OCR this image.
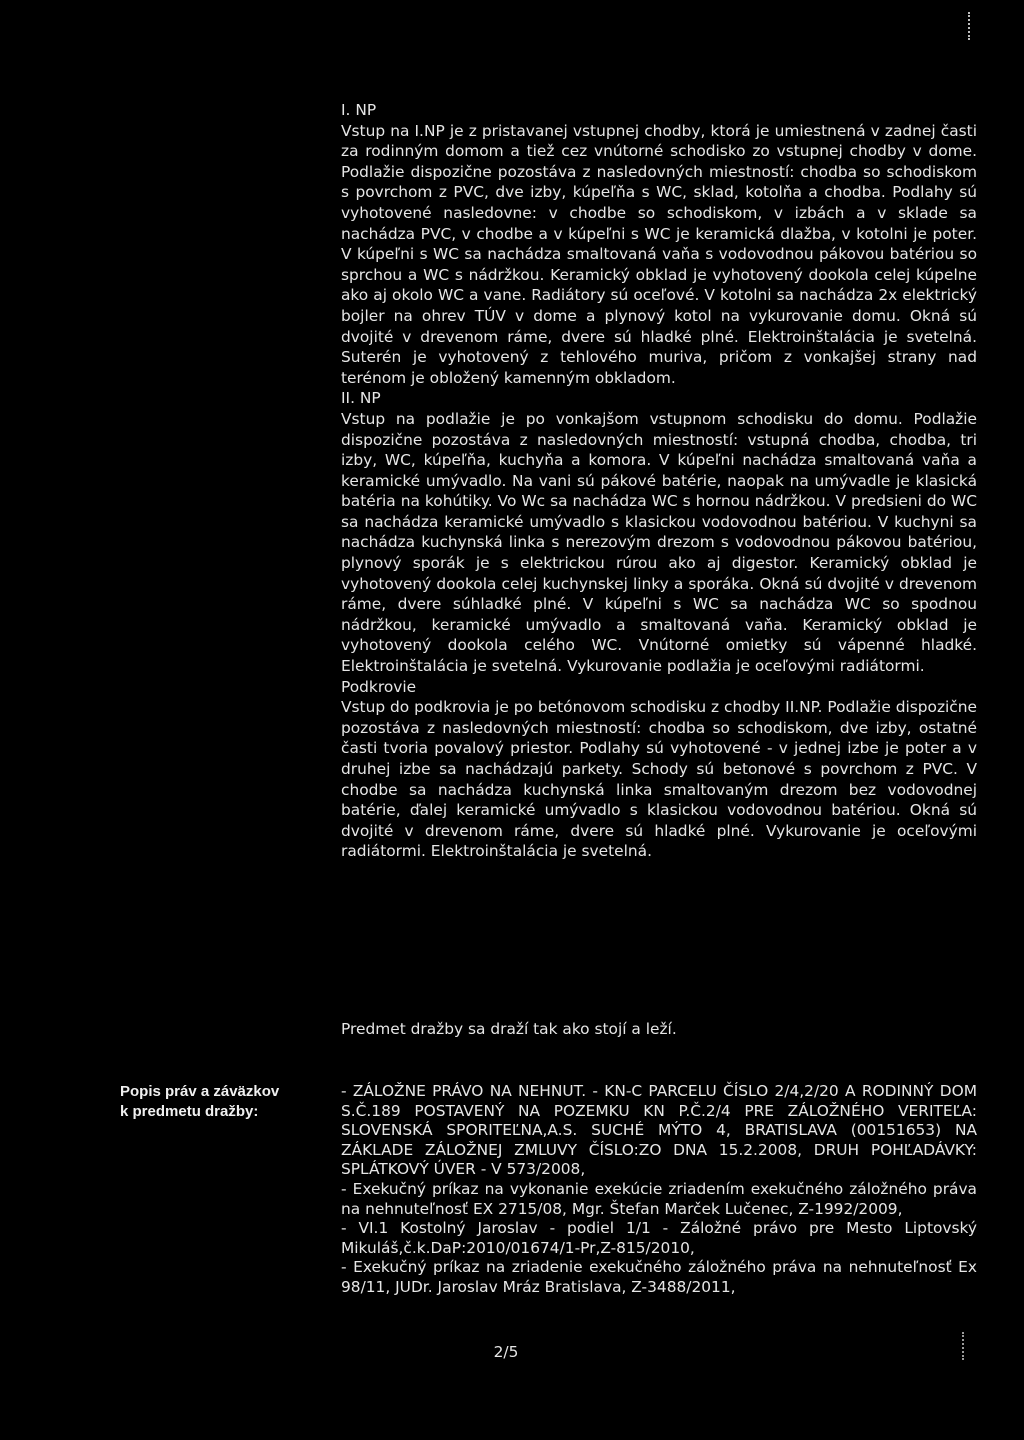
I. NP

Vstup na I.NP je z pristavanej vstupnej chodby, ktorá je umiestnená v zadnej časti za rodinným domom a tiež cez vnútorné schodisko zo vstupnej chodby v dome. Podlažie dispozične pozostáva z nasledovných miestností: chodba so schodiskom s povrchom z PVC, dve izby, kúpeľňa s WC, sklad, kotolňa a chodba. Podlahy sú vyhotovené nasledovne: v chodbe so schodiskom, v izbách a v sklade sa nachádza PVC, v chodbe a v kúpeľni s WC je keramická dlažba, v kotolni je poter. V kúpeľni s WC sa nachádza smaltovaná vaňa s vodovodnou pákovou batériou so sprchou a WC s nádržkou. Keramický obklad je vyhotovený dookola celej kúpelne ako aj okolo WC a vane. Radiátory sú oceľové. V kotolni sa nachádza 2x elektrický bojler na ohrev TÚV v dome a plynový kotol na vykurovanie domu. Okná sú dvojité v drevenom ráme, dvere sú hladké plné. Elektroinštalácia je svetelná. Suterén je vyhotovený z tehlového muriva, pričom z vonkajšej strany nad terénom je obložený kamenným obkladom.

II. NP

Vstup na podlažie je po vonkajšom vstupnom schodisku do domu. Podlažie dispozične pozostáva z nasledovných miestností: vstupná chodba, chodba, tri izby, WC, kúpeľňa, kuchyňa a komora. V kúpeľni nachádza smaltovaná vaňa a keramické umývadlo. Na vani sú pákové batérie, naopak na umývadle je klasická batéria na kohútiky. Vo Wc sa nachádza WC s hornou nádržkou. V predsieni do WC sa nachádza keramické umývadlo s klasickou vodovodnou batériou. V kuchyni sa nachádza kuchynská linka s nerezovým drezom s vodovodnou pákovou batériou, plynový sporák je s elektrickou rúrou ako aj digestor. Keramický obklad je vyhotovený dookola celej kuchynskej linky a sporáka. Okná sú dvojité v drevenom ráme, dvere súhladké plné. V kúpeľni s WC sa nachádza WC so spodnou nádržkou, keramické umývadlo a smaltovaná vaňa. Keramický obklad je vyhotovený dookola celého WC. Vnútorné omietky sú vápenné hladké. Elektroinštalácia je svetelná. Vykurovanie podlažia je oceľovými radiátormi.

Podkrovie

Vstup do podkrovia je po betónovom schodisku z chodby II.NP. Podlažie dispozične pozostáva z nasledovných miestností: chodba so schodiskom, dve izby, ostatné časti tvoria povalový priestor. Podlahy sú vyhotovené - v jednej izbe je poter a v druhej izbe sa nachádzajú parkety. Schody sú betonové s povrchom z PVC. V chodbe sa nachádza kuchynská linka smaltovaným drezom bez vodovodnej batérie, ďalej keramické umývadlo s klasickou vodovodnou batériou. Okná sú dvojité v drevenom ráme, dvere sú hladké plné. Vykurovanie je oceľovými radiátormi. Elektroinštalácia je svetelná.

Predmet dražby sa draží tak ako stojí a leží.
Popis práv a záväzkov
k predmetu dražby:

- ZÁLOŽNE PRÁVO NA NEHNUT. - KN-C PARCELU ČÍSLO 2/4,2/20 A RODINNÝ DOM S.Č.189 POSTAVENÝ NA POZEMKU KN P.Č.2/4 PRE ZÁLOŽNÉHO VERITEĽA: SLOVENSKÁ SPORITEĽNA,A.S. SUCHÉ MÝTO 4, BRATISLAVA (00151653) NA ZÁKLADE ZÁLOŽNEJ ZMLUVY ČÍSLO:ZO DNA 15.2.2008, DRUH POHĽADÁVKY: SPLÁTKOVÝ ÚVER - V 573/2008,

- Exekučný príkaz na vykonanie exekúcie zriadením exekučného záložného práva na nehnuteľnosť EX 2715/08, Mgr. Štefan Marček Lučenec, Z-1992/2009,

- VI.1 Kostolný Jaroslav - podiel 1/1 - Záložné právo pre Mesto Liptovský Mikuláš,č.k.DaP:2010/01674/1-Pr,Z-815/2010,

- Exekučný príkaz na zriadenie exekučného záložného práva na nehnuteľnosť Ex 98/11, JUDr. Jaroslav Mráz Bratislava, Z-3488/2011,

2/5
